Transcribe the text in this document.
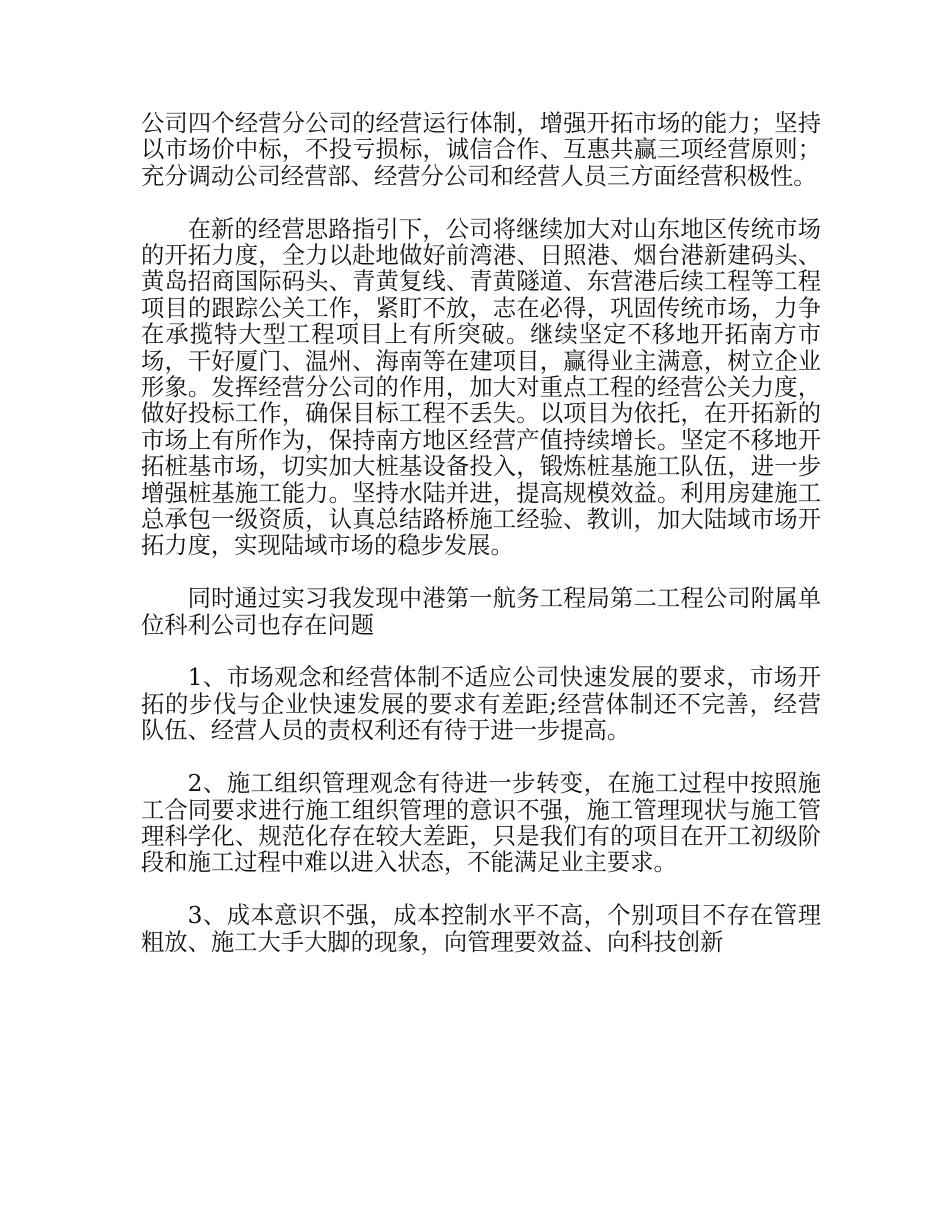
公司四个经营分公司的经营运行体制，增强开拓市场的能力；坚持以市场价中标，不投亏损标，诚信合作、互惠共赢三项经营原则；充分调动公司经营部、经营分公司和经营人员三方面经营积极性。

在新的经营思路指引下，公司将继续加大对山东地区传统市场的开拓力度，全力以赴地做好前湾港、日照港、烟台港新建码头、黄岛招商国际码头、青黄复线、青黄隧道、东营港后续工程等工程项目的跟踪公关工作，紧盯不放，志在必得，巩固传统市场，力争在承揽特大型工程项目上有所突破。继续坚定不移地开拓南方市场，干好厦门、温州、海南等在建项目，赢得业主满意，树立企业形象。发挥经营分公司的作用，加大对重点工程的经营公关力度，做好投标工作，确保目标工程不丢失。以项目为依托，在开拓新的市场上有所作为，保持南方地区经营产值持续增长。坚定不移地开拓桩基市场，切实加大桩基设备投入，锻炼桩基施工队伍，进一步增强桩基施工能力。坚持水陆并进，提高规模效益。利用房建施工总承包一级资质，认真总结路桥施工经验、教训，加大陆域市场开拓力度，实现陆域市场的稳步发展。

同时通过实习我发现中港第一航务工程局第二工程公司附属单位科利公司也存在问题

1、市场观念和经营体制不适应公司快速发展的要求，市场开拓的步伐与企业快速发展的要求有差距;经营体制还不完善，经营队伍、经营人员的责权利还有待于进一步提高。

2、施工组织管理观念有待进一步转变，在施工过程中按照施工合同要求进行施工组织管理的意识不强，施工管理现状与施工管理科学化、规范化存在较大差距，只是我们有的项目在开工初级阶段和施工过程中难以进入状态，不能满足业主要求。

3、成本意识不强，成本控制水平不高，个别项目不存在管理粗放、施工大手大脚的现象，向管理要效益、向科技创新
